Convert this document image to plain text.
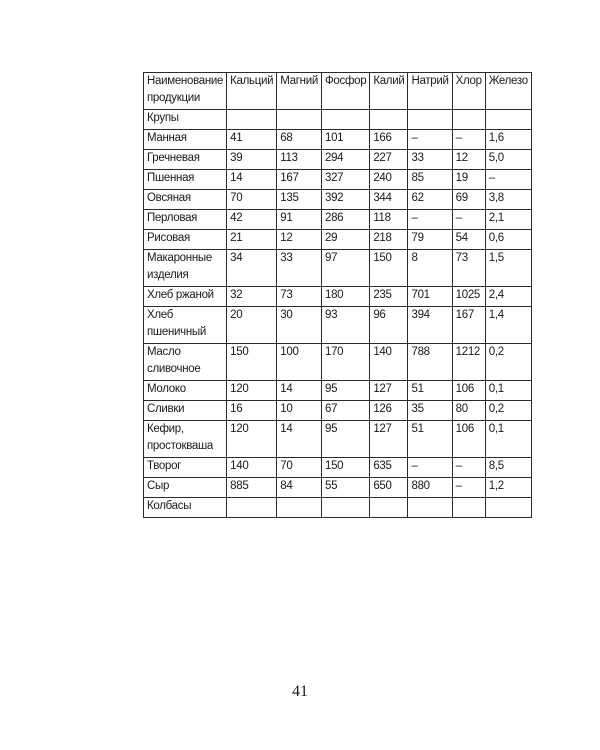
Наименование продукции	Кальций	Магний	Фосфор	Калий	Натрий	Хлор	Железо
Крупы							
Манная	41	68	101	166	–	–	1,6
Гречневая	39	113	294	227	33	12	5,0
Пшенная	14	167	327	240	85	19	–
Овсяная	70	135	392	344	62	69	3,8
Перловая	42	91	286	118	–	–	2,1
Рисовая	21	12	29	218	79	54	0,6
Макаронные изделия	34	33	97	150	8	73	1,5
Хлеб ржаной	32	73	180	235	701	1025	2,4
Хлеб пшеничный	20	30	93	96	394	167	1,4
Масло сливочное	150	100	170	140	788	1212	0,2
Молоко	120	14	95	127	51	106	0,1
Сливки	16	10	67	126	35	80	0,2
Кефир, простокваша	120	14	95	127	51	106	0,1
Творог	140	70	150	635	–	–	8,5
Сыр	885	84	55	650	880	–	1,2
Колбасы							
41
